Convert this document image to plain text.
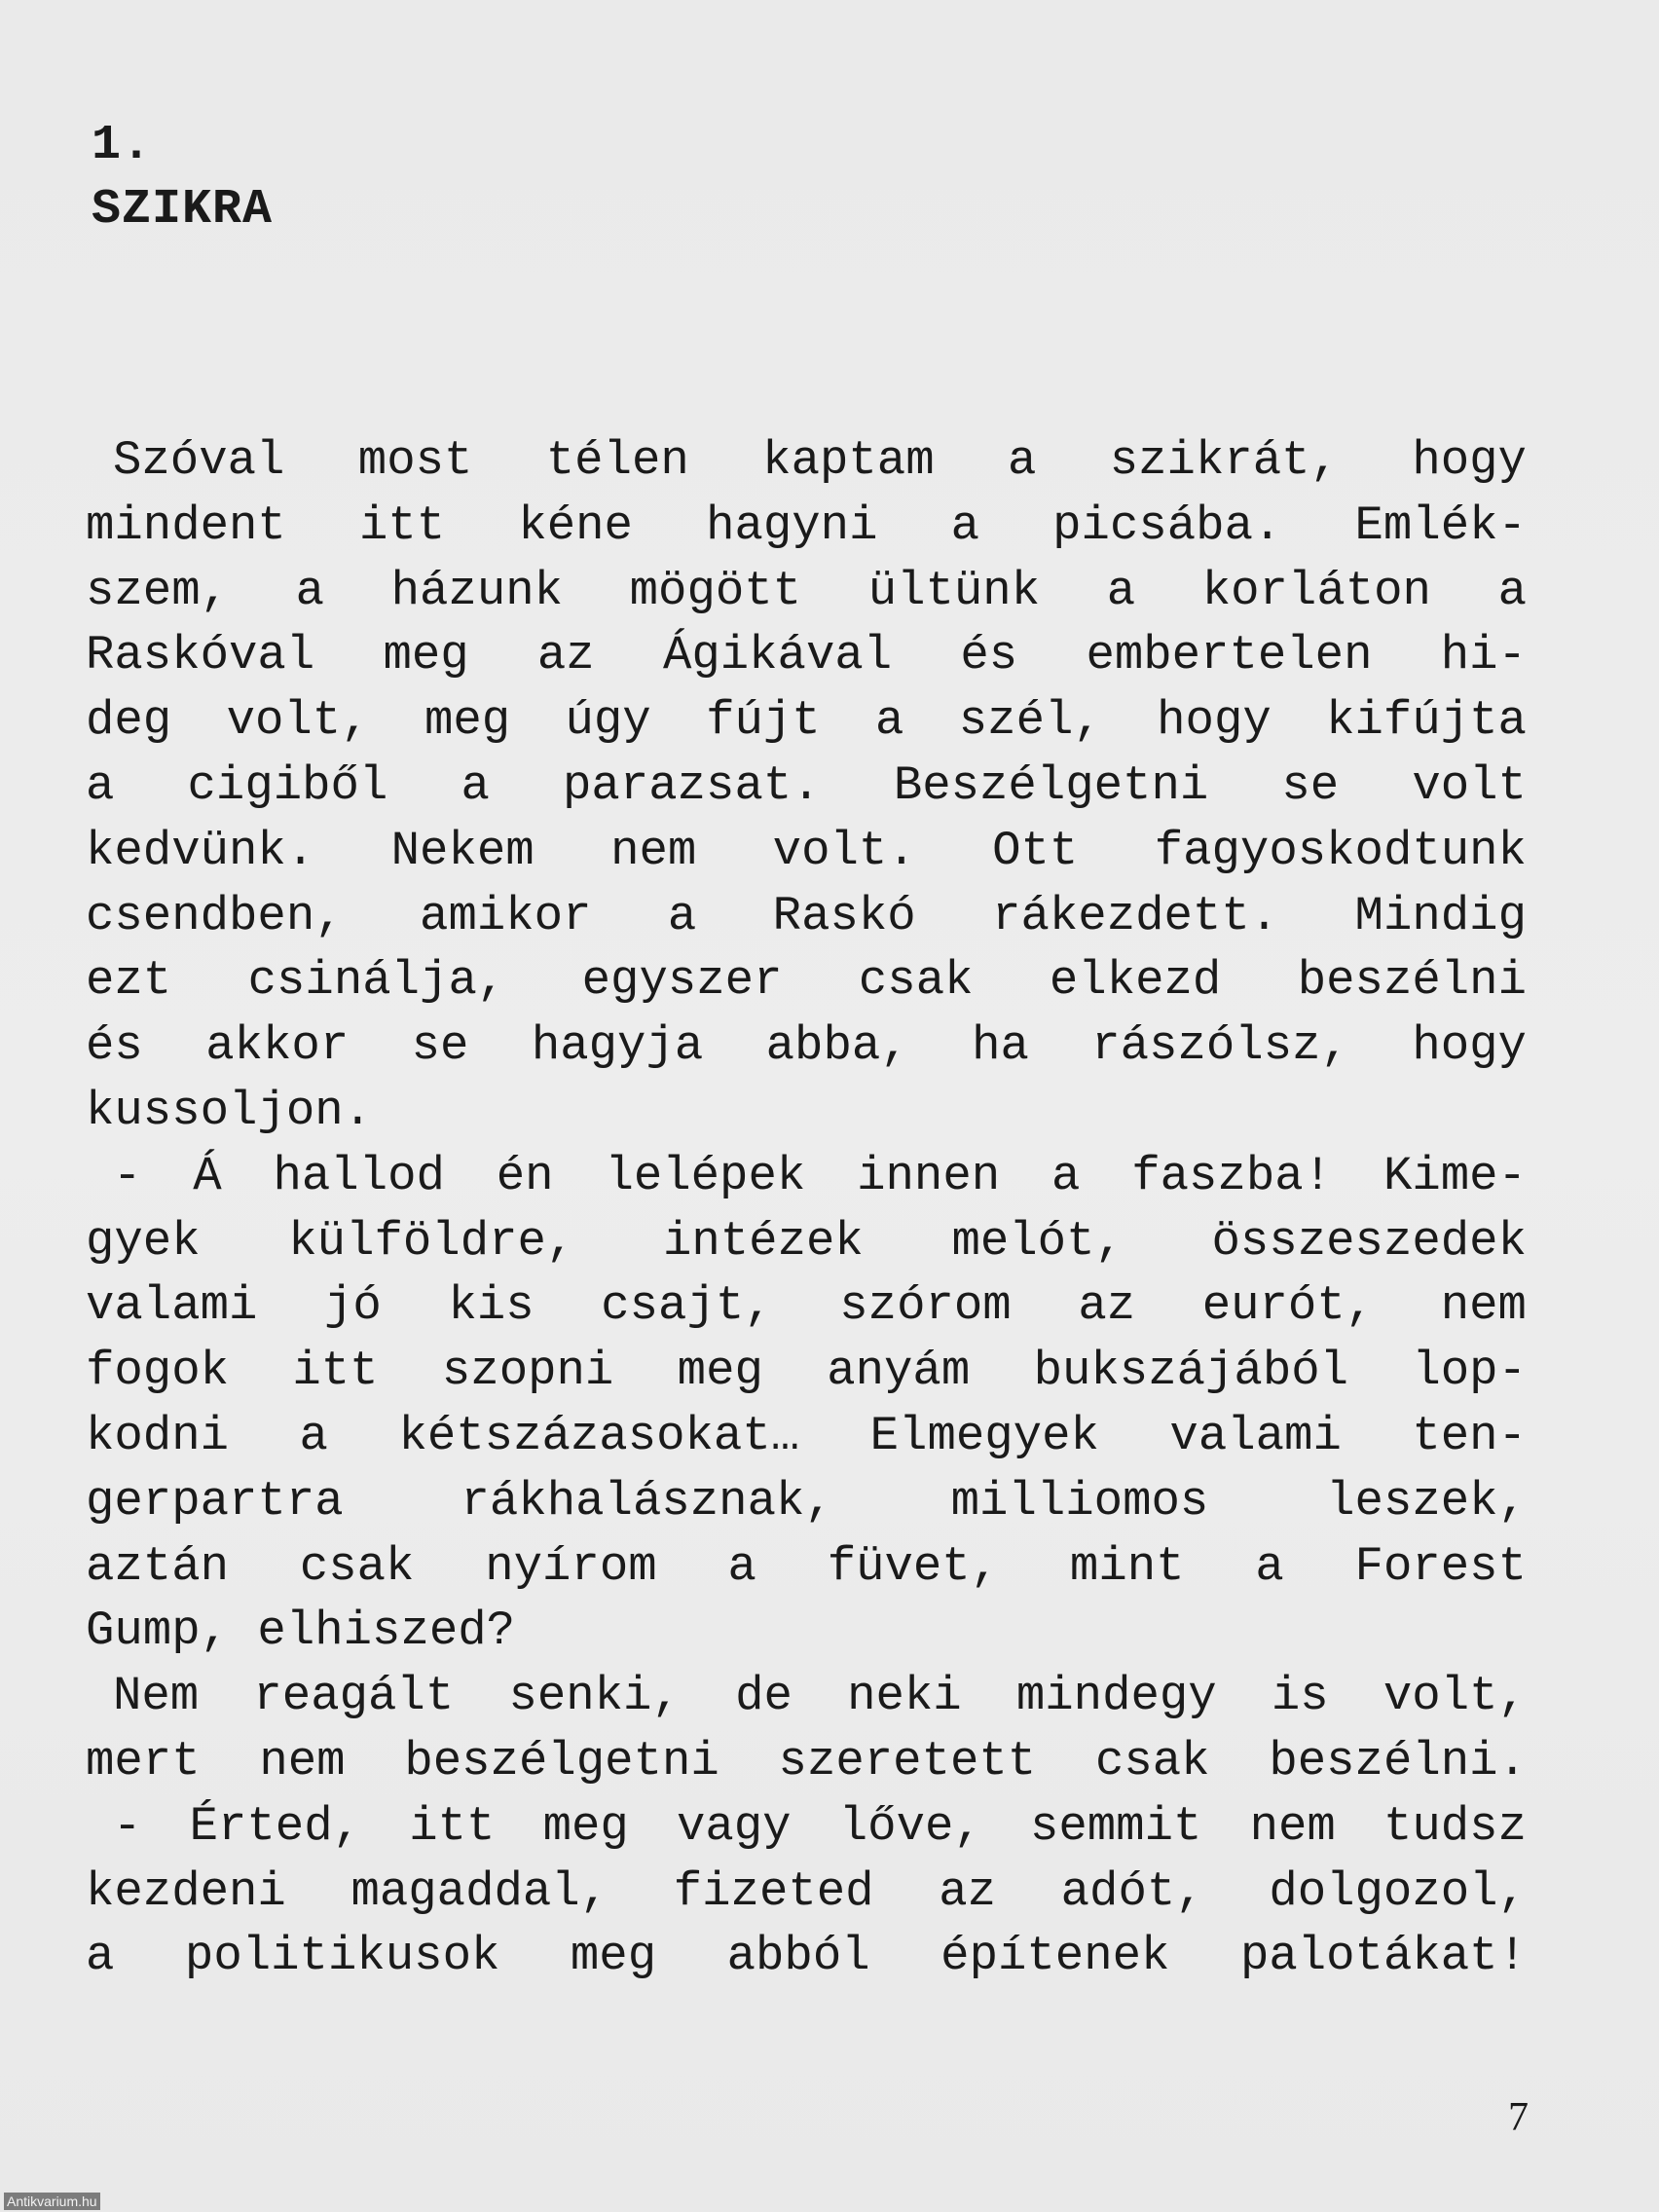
1.
SZIKRA
Szóval most télen kaptam a szikrát, hogy
mindent itt kéne hagyni a picsába. Emlék-
szem, a házunk mögött ültünk a korláton a
Raskóval meg az Ágikával és embertelen hi-
deg volt, meg úgy fújt a szél, hogy kifújta
a cigiből a parazsat. Beszélgetni se volt
kedvünk. Nekem nem volt. Ott fagyoskodtunk
csendben, amikor a Raskó rákezdett. Mindig
ezt csinálja, egyszer csak elkezd beszélni
és akkor se hagyja abba, ha rászólsz, hogy
kussoljon.
- Á hallod én lelépek innen a faszba! Kime-
gyek külföldre, intézek melót, összeszedek
valami jó kis csajt, szórom az eurót, nem
fogok itt szopni meg anyám bukszájából lop-
kodni a kétszázasokat… Elmegyek valami ten-
gerpartra rákhalásznak, milliomos leszek,
aztán csak nyírom a füvet, mint a Forest
Gump, elhiszed?
Nem reagált senki, de neki mindegy is volt,
mert nem beszélgetni szeretett csak beszélni.
- Érted, itt meg vagy lőve, semmit nem tudsz
kezdeni magaddal, fizeted az adót, dolgozol,
a politikusok meg abból építenek palotákat!
7
Antikvarium.hu
